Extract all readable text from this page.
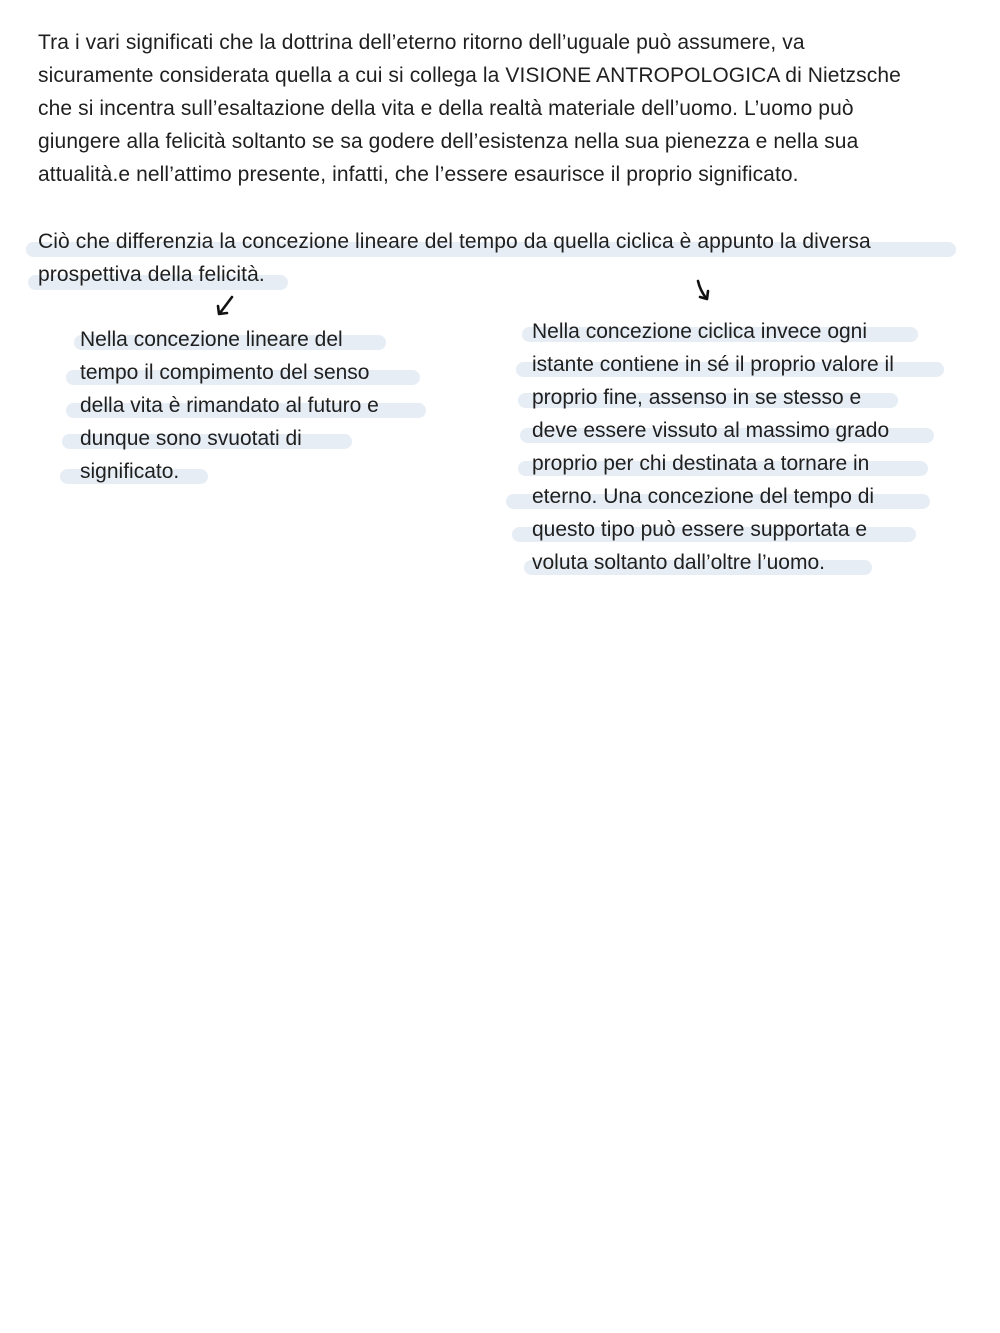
Tra i vari significati che la dottrina dell’eterno ritorno dell’uguale può assumere, va
sicuramente considerata quella a cui si collega la VISIONE ANTROPOLOGICA di Nietzsche
che si incentra sull’esaltazione della vita e della realtà materiale dell’uomo. L’uomo può
giungere alla felicità soltanto se sa godere dell’esistenza nella sua pienezza e nella sua
attualità.e nell’attimo presente, infatti, che l’essere esaurisce il proprio significato.

Ciò che differenzia la concezione lineare del tempo da quella ciclica è appunto la diversa
prospettiva della felicità.

Nella concezione lineare del
tempo il compimento del senso
della vita è rimandato al futuro e
dunque sono svuotati di
significato.

Nella concezione ciclica invece ogni
istante contiene in sé il proprio valore il
proprio fine, assenso in se stesso e
deve essere vissuto al massimo grado
proprio per chi destinata a tornare in
eterno. Una concezione del tempo di
questo tipo può essere supportata e
voluta soltanto dall’oltre l’uomo.
